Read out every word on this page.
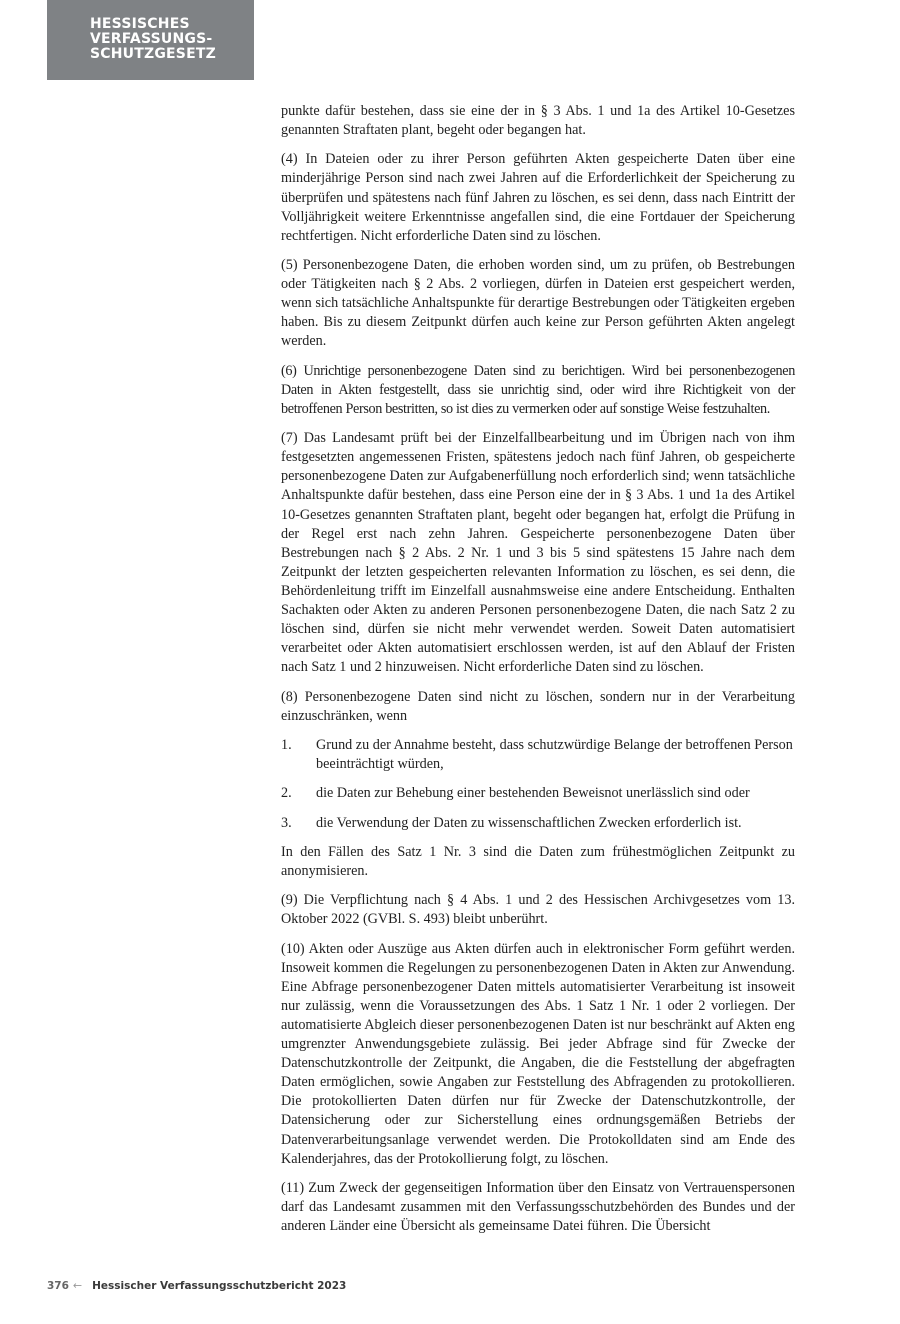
HESSISCHES
VERFASSUNGS-
SCHUTZGESETZ

punkte dafür bestehen, dass sie eine der in § 3 Abs. 1 und 1a des Artikel 10-Gesetzes genannten Straftaten plant, begeht oder begangen hat.

(4) In Dateien oder zu ihrer Person geführten Akten gespeicherte Daten über eine minderjährige Person sind nach zwei Jahren auf die Erforderlichkeit der Speicherung zu überprüfen und spätestens nach fünf Jahren zu löschen, es sei denn, dass nach Eintritt der Volljährigkeit weitere Erkenntnisse angefallen sind, die eine Fortdauer der Speicherung rechtfertigen. Nicht erforderliche Daten sind zu löschen.

(5) Personenbezogene Daten, die erhoben worden sind, um zu prüfen, ob Bestrebungen oder Tätigkeiten nach § 2 Abs. 2 vorliegen, dürfen in Dateien erst gespeichert werden, wenn sich tatsächliche Anhaltspunkte für derartige Bestrebungen oder Tätigkeiten ergeben haben. Bis zu diesem Zeitpunkt dürfen auch keine zur Person geführten Akten angelegt werden.

(6) Unrichtige personenbezogene Daten sind zu berichtigen. Wird bei personenbezogenen Daten in Akten festgestellt, dass sie unrichtig sind, oder wird ihre Richtigkeit von der betroffenen Person bestritten, so ist dies zu vermerken oder auf sonstige Weise festzuhalten.

(7) Das Landesamt prüft bei der Einzelfallbearbeitung und im Übrigen nach von ihm festgesetzten angemessenen Fristen, spätestens jedoch nach fünf Jahren, ob gespeicherte personenbezogene Daten zur Aufgabenerfüllung noch erforderlich sind; wenn tatsächliche Anhaltspunkte dafür bestehen, dass eine Person eine der in § 3 Abs. 1 und 1a des Artikel 10-Gesetzes genannten Straftaten plant, begeht oder begangen hat, erfolgt die Prüfung in der Regel erst nach zehn Jahren. Gespeicherte personenbezogene Daten über Bestrebungen nach § 2 Abs. 2 Nr. 1 und 3 bis 5 sind spätestens 15 Jahre nach dem Zeitpunkt der letzten gespeicherten relevanten Information zu löschen, es sei denn, die Behördenleitung trifft im Einzelfall ausnahmsweise eine andere Entscheidung. Enthalten Sachakten oder Akten zu anderen Personen personenbezogene Daten, die nach Satz 2 zu löschen sind, dürfen sie nicht mehr verwendet werden. Soweit Daten automatisiert verarbeitet oder Akten automatisiert erschlossen werden, ist auf den Ablauf der Fristen nach Satz 1 und 2 hinzuweisen. Nicht erforderliche Daten sind zu löschen.

(8) Personenbezogene Daten sind nicht zu löschen, sondern nur in der Verarbeitung einzuschränken, wenn

1.	Grund zu der Annahme besteht, dass schutzwürdige Belange der betroffenen Person beeinträchtigt würden,
2.	die Daten zur Behebung einer bestehenden Beweisnot unerlässlich sind oder
3.	die Verwendung der Daten zu wissenschaftlichen Zwecken erforderlich ist.

In den Fällen des Satz 1 Nr. 3 sind die Daten zum frühestmöglichen Zeitpunkt zu anonymisieren.

(9) Die Verpflichtung nach § 4 Abs. 1 und 2 des Hessischen Archivgesetzes vom 13. Oktober 2022 (GVBl. S. 493) bleibt unberührt.

(10) Akten oder Auszüge aus Akten dürfen auch in elektronischer Form geführt werden. Insoweit kommen die Regelungen zu personenbezogenen Daten in Akten zur Anwendung. Eine Abfrage personenbezogener Daten mittels automatisierter Verarbeitung ist insoweit nur zulässig, wenn die Voraussetzungen des Abs. 1 Satz 1 Nr. 1 oder 2 vorliegen. Der automatisierte Abgleich dieser personenbezogenen Daten ist nur beschränkt auf Akten eng umgrenzter Anwendungsgebiete zulässig. Bei jeder Abfrage sind für Zwecke der Datenschutzkontrolle der Zeitpunkt, die Angaben, die die Feststellung der abgefragten Daten ermöglichen, sowie Angaben zur Feststellung des Abfragenden zu protokollieren. Die protokollierten Daten dürfen nur für Zwecke der Datenschutzkontrolle, der Datensicherung oder zur Sicherstellung eines ordnungsgemäßen Betriebs der Datenverarbeitungsanlage verwendet werden. Die Protokolldaten sind am Ende des Kalenderjahres, das der Protokollierung folgt, zu löschen.

(11) Zum Zweck der gegenseitigen Information über den Einsatz von Vertrauenspersonen darf das Landesamt zusammen mit den Verfassungsschutzbehörden des Bundes und der anderen Länder eine Übersicht als gemeinsame Datei führen. Die Übersicht

376 ← Hessischer Verfassungsschutzbericht 2023
